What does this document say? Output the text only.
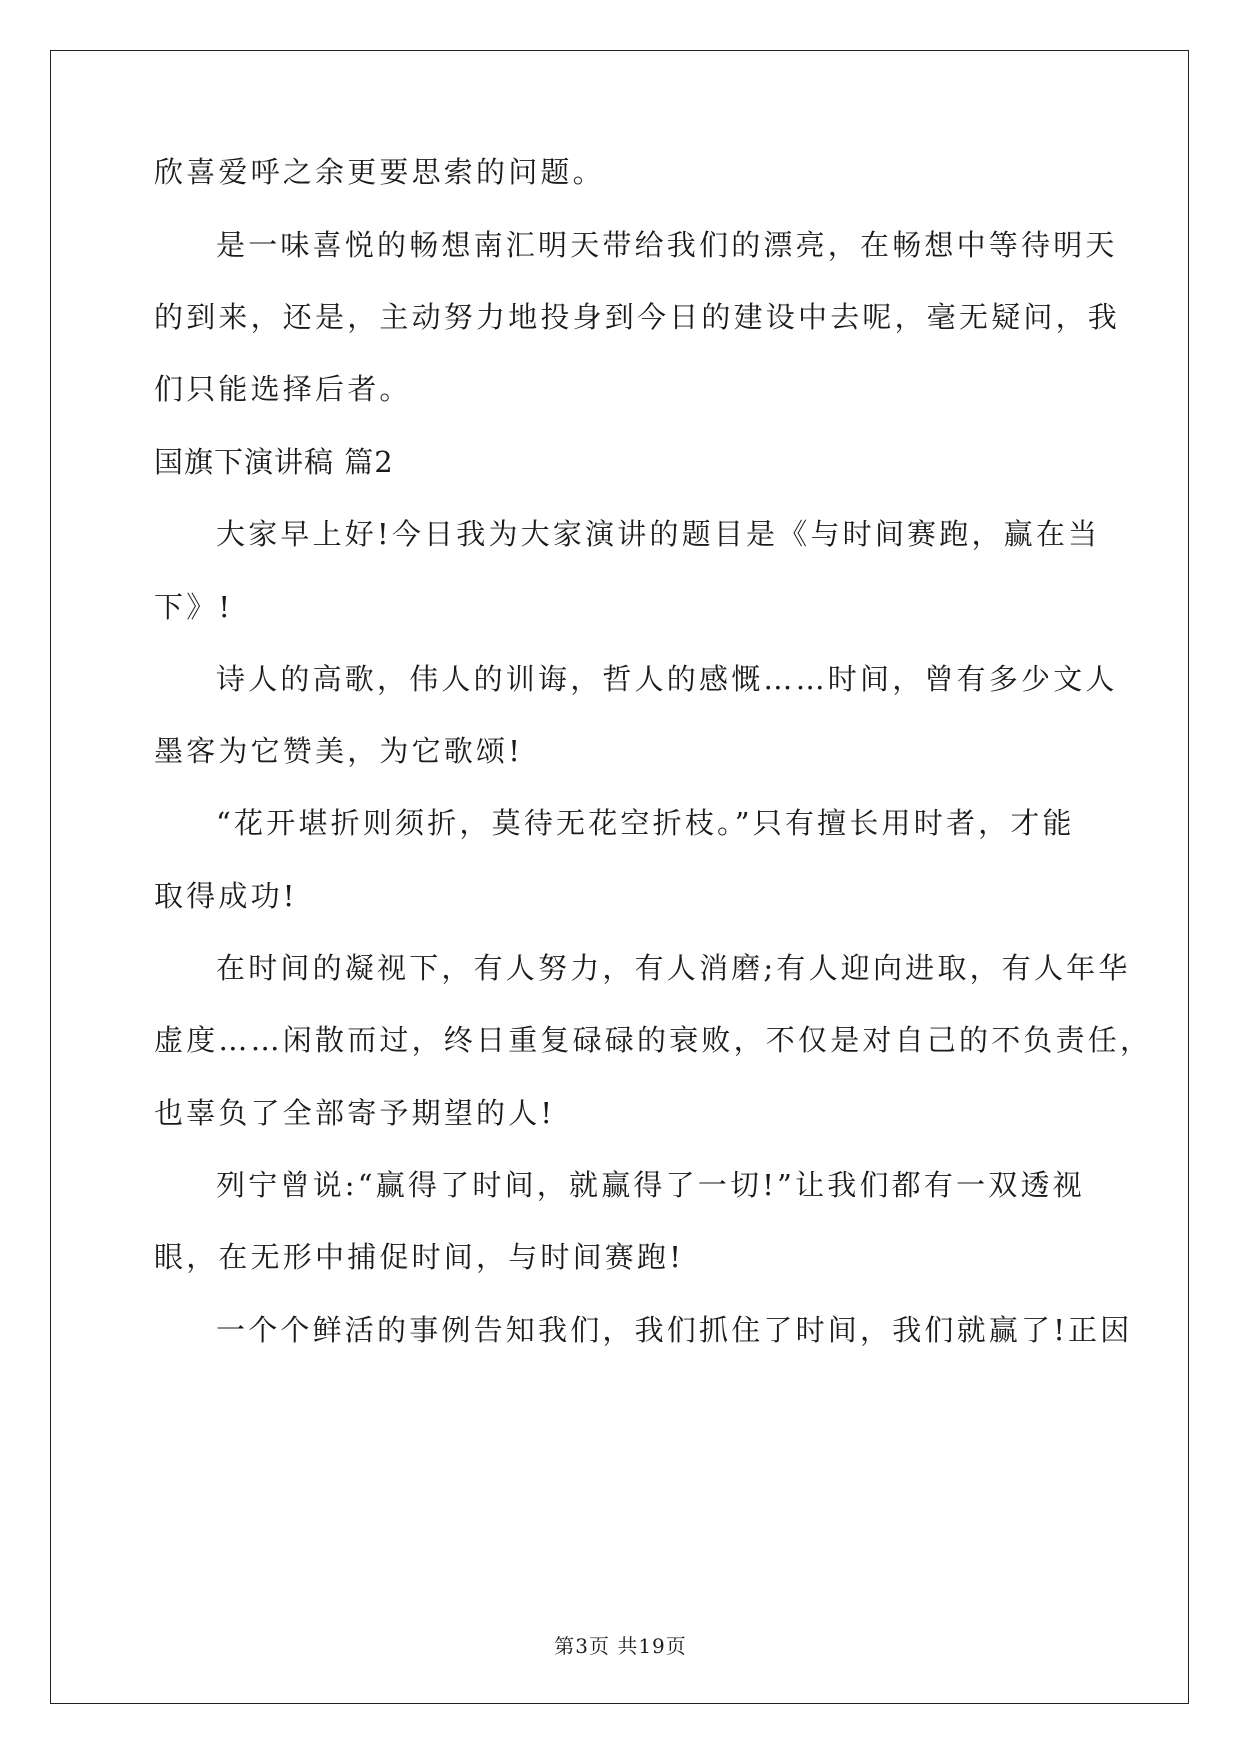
欣喜爱呼之余更要思索的问题。
是一味喜悦的畅想南汇明天带给我们的漂亮，在畅想中等待明天
的到来，还是，主动努力地投身到今日的建设中去呢，毫无疑问，我
们只能选择后者。
国旗下演讲稿 篇2
大家早上好!今日我为大家演讲的题目是《与时间赛跑，赢在当
下》!
诗人的高歌，伟人的训诲，哲人的感慨……时间，曾有多少文人
墨客为它赞美，为它歌颂!
“花开堪折则须折，莫待无花空折枝。”只有擅长用时者，才能
取得成功!
在时间的凝视下，有人努力，有人消磨;有人迎向进取，有人年华
虚度……闲散而过，终日重复碌碌的衰败，不仅是对自己的不负责任，
也辜负了全部寄予期望的人!
列宁曾说:“赢得了时间，就赢得了一切!”让我们都有一双透视
眼，在无形中捕促时间，与时间赛跑!
一个个鲜活的事例告知我们，我们抓住了时间，我们就赢了!正因
第3页 共19页
